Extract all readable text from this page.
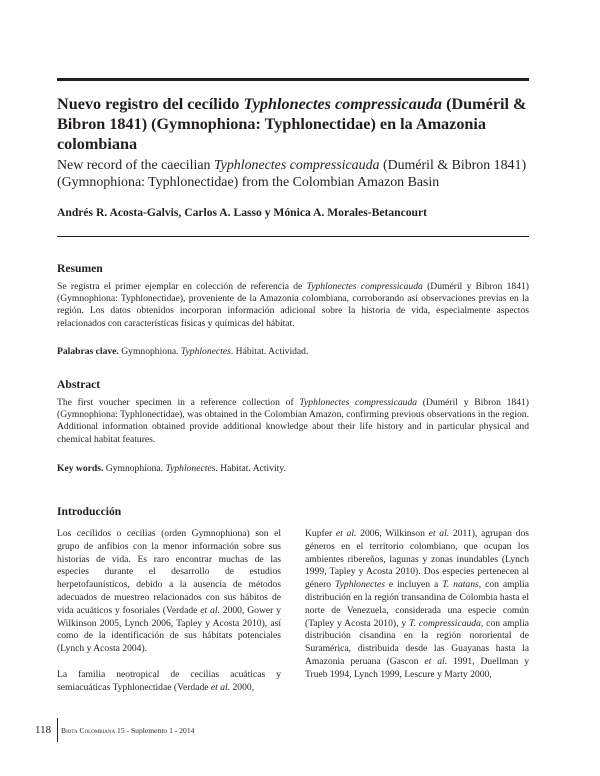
Nuevo registro del cecílido Typhlonectes compressicauda (Duméril & Bibron 1841) (Gymnophiona: Typhlonectidae) en la Amazonia colombiana
New record of the caecilian Typhlonectes compressicauda (Duméril & Bibron 1841) (Gymnophiona: Typhlonectidae) from the Colombian Amazon Basin

Andrés R. Acosta-Galvis, Carlos A. Lasso y Mónica A. Morales-Betancourt

Resumen

Se registra el primer ejemplar en colección de referencia de Typhlonectes compressicauda (Duméril y Bibron 1841) (Gymnophiona: Typhlonectidae), proveniente de la Amazonia colombiana, corroborando así observaciones previas en la región. Los datos obtenidos incorporan información adicional sobre la historia de vida, especialmente aspectos relacionados con características físicas y químicas del hábitat.

Palabras clave. Gymnophiona. Typhlonectes. Hábitat. Actividad.

Abstract

The first voucher specimen in a reference collection of Typhlonectes compressicauda (Duméril y Bibron 1841) (Gymnophiona: Typhlonectidae), was obtained in the Colombian Amazon, confirming previous observations in the region. Additional information obtained provide additional knowledge about their life history and in particular physical and chemical habitat features.

Key words. Gymnophiona. Typhlonectes. Habitat. Activity.

Introducción

Los cecílidos o cecilias (orden Gymnophiona) son el grupo de anfibios con la menor información sobre sus historias de vida. Es raro encontrar muchas de las especies durante el desarrollo de estudios herpetofaunísticos, debido a la ausencia de métodos adecuados de muestreo relacionados con sus hábitos de vida acuáticos y fosoriales (Verdade et al. 2000, Gower y Wilkinson 2005, Lynch 2006, Tapley y Acosta 2010), así como de la identificación de sus hábitats potenciales (Lynch y Acosta 2004).

La familia neotropical de cecilias acuáticas y semiacuáticas Typhlonectidae (Verdade et al. 2000,

Kupfer et al. 2006, Wilkinson et al. 2011), agrupan dos géneros en el territorio colombiano, que ocupan los ambientes ribereños, lagunas y zonas inundables (Lynch 1999, Tapley y Acosta 2010). Dos especies pertenecen al género Typhlonectes e incluyen a T. natans, con amplia distribución en la región transandina de Colombia hasta el norte de Venezuela, considerada una especie común (Tapley y Acosta 2010), y T. compressicauda, con amplia distribución cisandina en la región nororiental de Suramérica, distribuida desde las Guayanas hasta la Amazonia peruana (Gascon et al. 1991, Duellman y Trueb 1994, Lynch 1999, Lescure y Marty 2000,

118 Biota Colombiana 15 - Suplemento 1 - 2014
